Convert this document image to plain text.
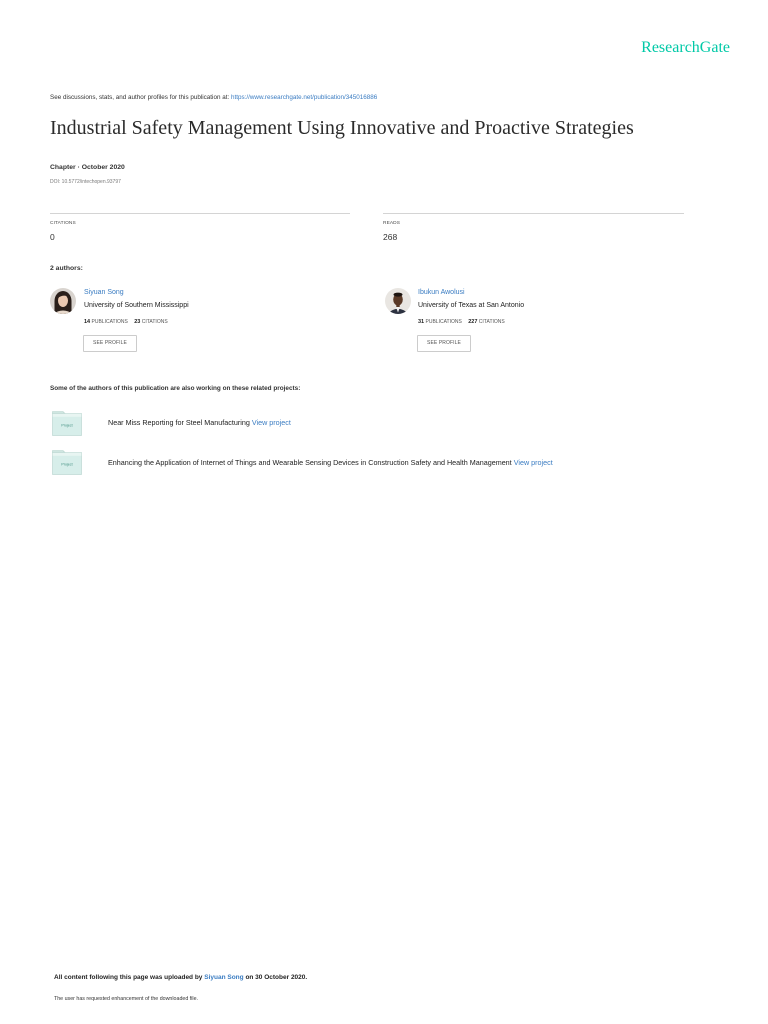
ResearchGate
See discussions, stats, and author profiles for this publication at: https://www.researchgate.net/publication/345016886
Industrial Safety Management Using Innovative and Proactive Strategies
Chapter · October 2020
DOI: 10.5772/intechopen.93797
CITATIONS
0
READS
268
2 authors:
Siyuan Song
University of Southern Mississippi
14 PUBLICATIONS 23 CITATIONS
SEE PROFILE
Ibukun Awolusi
University of Texas at San Antonio
31 PUBLICATIONS 227 CITATIONS
SEE PROFILE
Some of the authors of this publication are also working on these related projects:
Project	Near Miss Reporting for Steel Manufacturing View project
Project	Enhancing the Application of Internet of Things and Wearable Sensing Devices in Construction Safety and Health Management View project
All content following this page was uploaded by Siyuan Song on 30 October 2020.
The user has requested enhancement of the downloaded file.
